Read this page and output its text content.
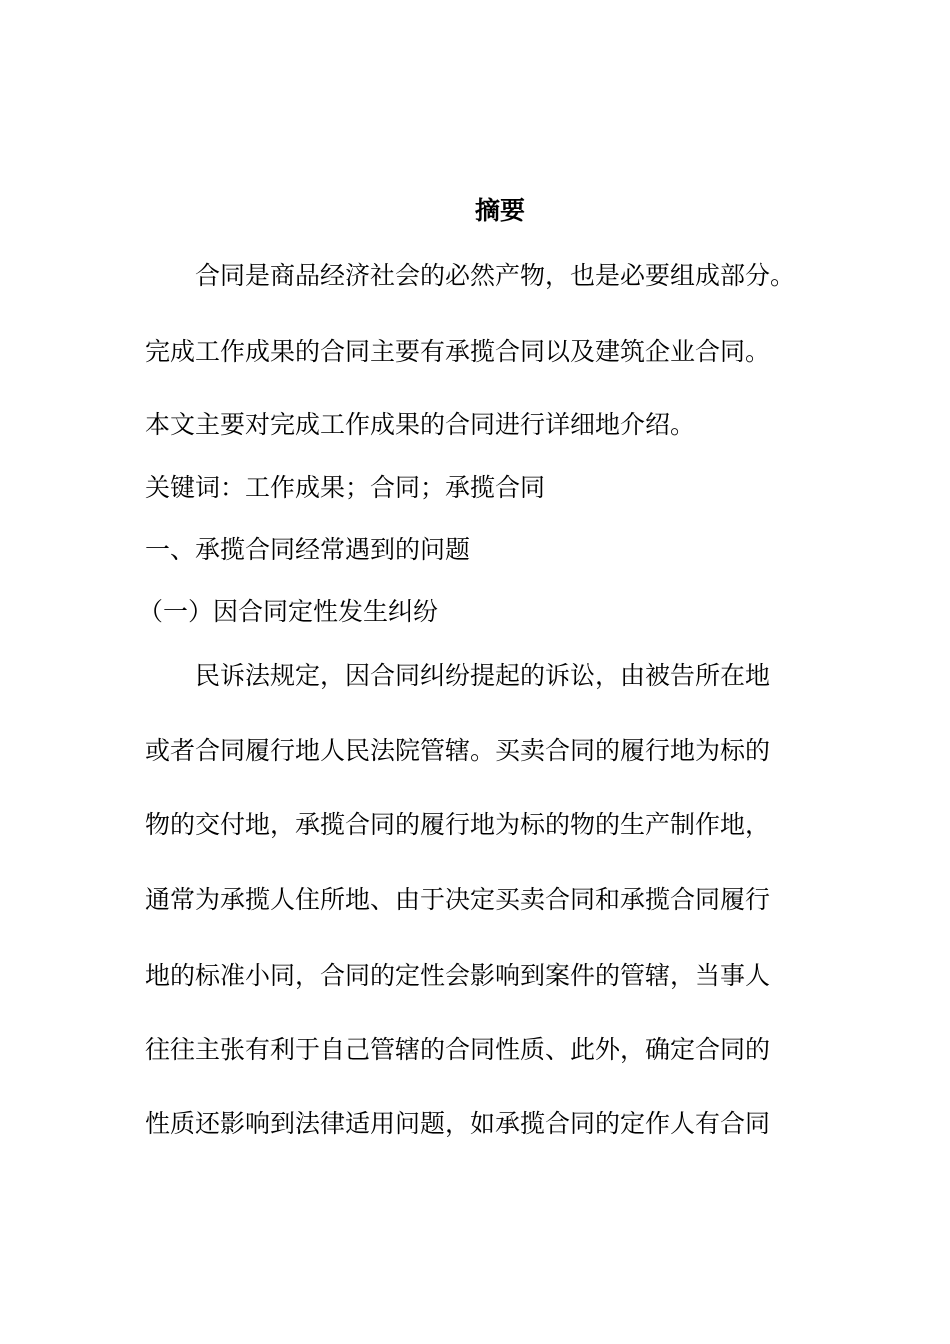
摘要

合同是商品经济社会的必然产物，也是必要组成部分。

完成工作成果的合同主要有承揽合同以及建筑企业合同。

本文主要对完成工作成果的合同进行详细地介绍。

关键词：工作成果；合同；承揽合同

一、承揽合同经常遇到的问题
（一）因合同定性发生纠纷

民诉法规定，因合同纠纷提起的诉讼，由被告所在地

或者合同履行地人民法院管辖。买卖合同的履行地为标的

物的交付地，承揽合同的履行地为标的物的生产制作地，

通常为承揽人住所地、由于决定买卖合同和承揽合同履行

地的标准小同，合同的定性会影响到案件的管辖，当事人

往往主张有利于自己管辖的合同性质、此外，确定合同的

性质还影响到法律适用问题，如承揽合同的定作人有合同
